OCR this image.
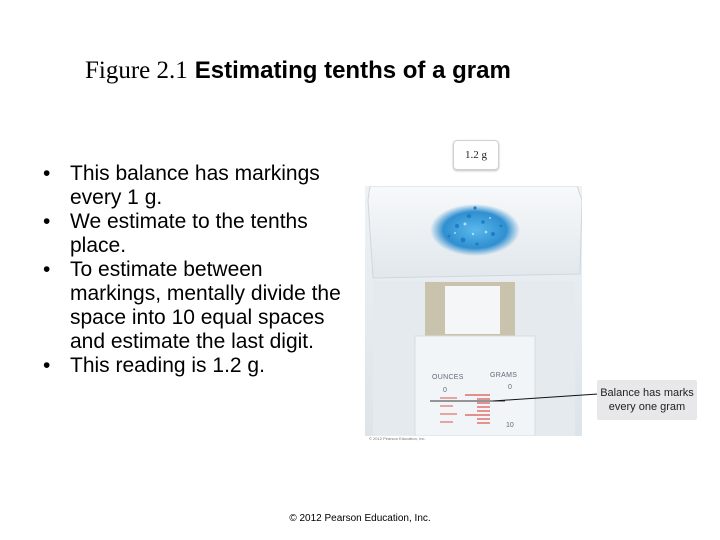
Figure 2.1 Estimating tenths of a gram
• This balance has markings every 1 g.
• We estimate to the tenths place.
• To estimate between markings, mentally divide the space into 10 equal spaces and estimate the last digit.
• This reading is 1.2 g.
OUNCES	GRAMS
0	0
10
1.2 g
Balance has marks every one gram
© 2012 Pearson Education, Inc.
© 2012 Pearson Education, Inc.
